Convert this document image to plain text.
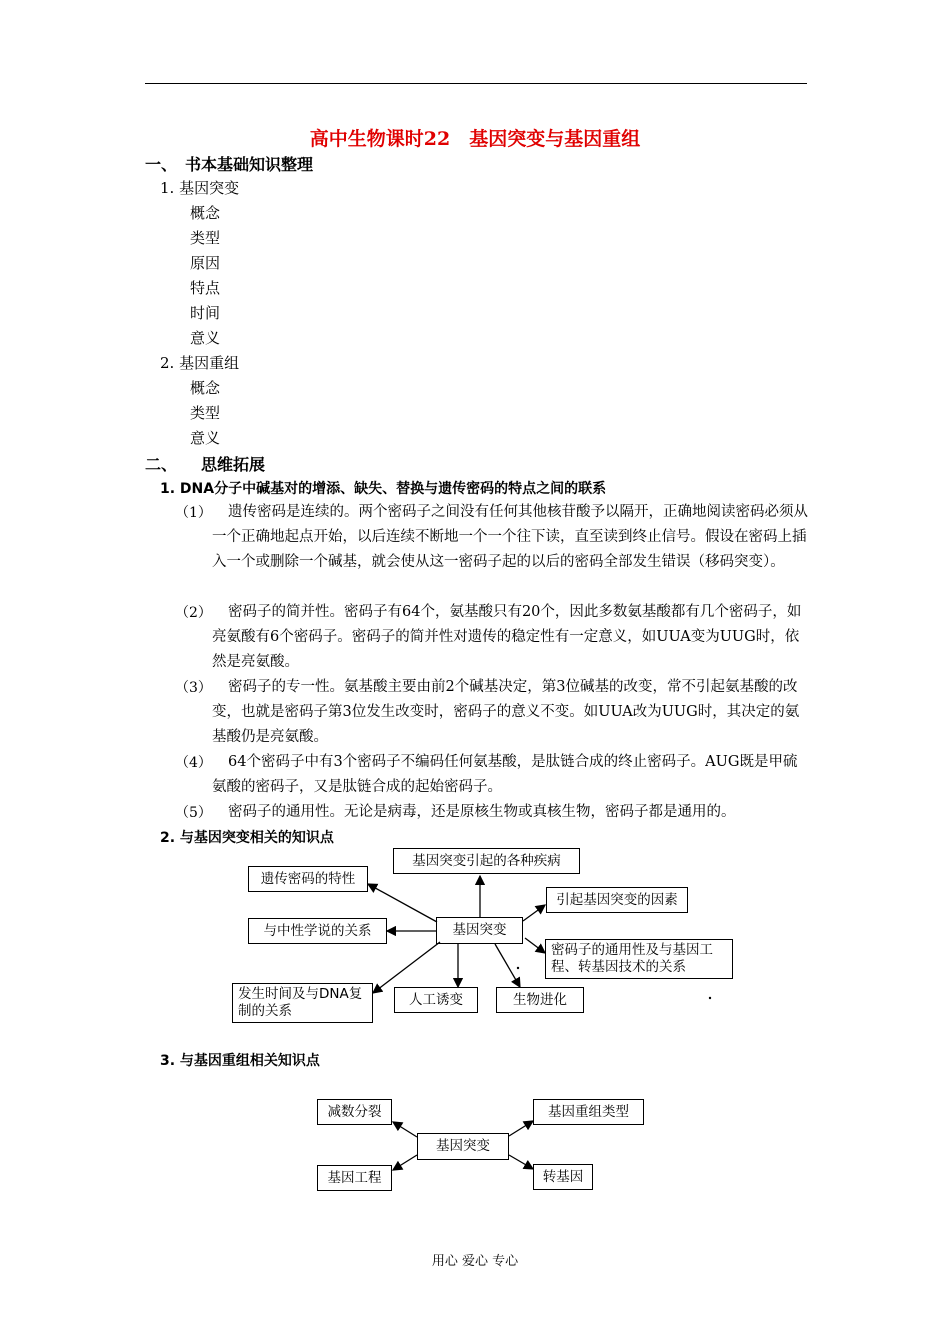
高中生物课时22　基因突变与基因重组
一、　书本基础知识整理
1. 基因突变
概念
类型
原因
特点
时间
意义
2. 基因重组
概念
类型
意义
二、　　思维拓展
1. DNA分子中碱基对的增添、缺失、替换与遗传密码的特点之间的联系
（1）	遗传密码是连续的。两个密码子之间没有任何其他核苷酸予以隔开，正确地阅读密码必须从一个正确地起点开始，以后连续不断地一个一个往下读，直至读到终止信号。假设在密码上插入一个或删除一个碱基，就会使从这一密码子起的以后的密码全部发生错误（移码突变）。
（2）	密码子的简并性。密码子有64个，氨基酸只有20个，因此多数氨基酸都有几个密码子，如亮氨酸有6个密码子。密码子的简并性对遗传的稳定性有一定意义，如UUA变为UUG时，依然是亮氨酸。
（3）	密码子的专一性。氨基酸主要由前2个碱基决定，第3位碱基的改变，常不引起氨基酸的改变，也就是密码子第3位发生改变时，密码子的意义不变。如UUA改为UUG时，其决定的氨基酸仍是亮氨酸。
（4）	64个密码子中有3个密码子不编码任何氨基酸，是肽链合成的终止密码子。AUG既是甲硫氨酸的密码子，又是肽链合成的起始密码子。
（5）	密码子的通用性。无论是病毒，还是原核生物或真核生物，密码子都是通用的。
2. 与基因突变相关的知识点
基因突变引起的各种疾病
遗传密码的特性
引起基因突变的因素
与中性学说的关系	基因突变
密码子的通用性及与基因工程、转基因技术的关系
发生时间及与DNA复制的关系
人工诱变	生物进化
3. 与基因重组相关知识点
减数分裂	基因重组类型
基因突变
基因工程	转基因
用心 爱心 专心
